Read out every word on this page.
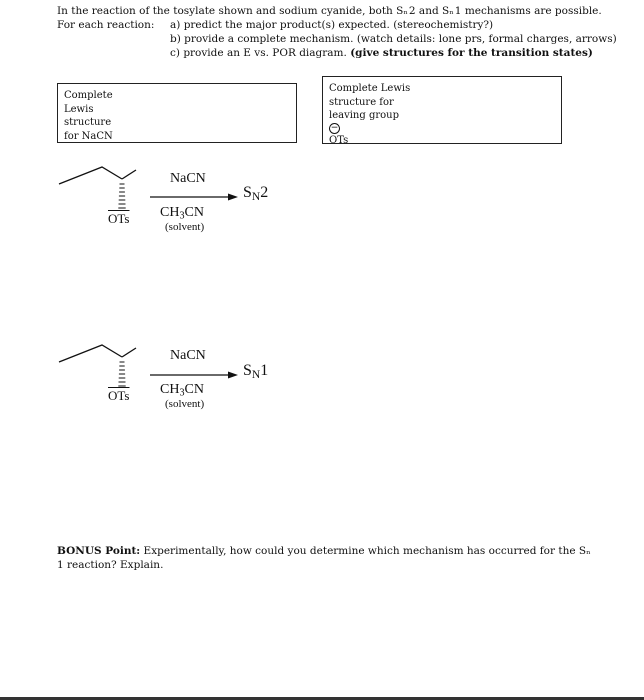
In the reaction of the tosylate shown and sodium cyanide, both Sₙ 2 and Sₙ 1 mechanisms are possible.
For each reaction: a) predict the major product(s) expected. (stereochemistry?)
b) provide a complete mechanism. (watch details: lone prs, formal charges, arrows)
c) provide an E vs. POR diagram. (give structures for the transition states)
Complete
Lewis
structure
for NaCN
Complete Lewis
structure for
leaving group
−
OTs
$\overline{OTs}$
NaCN
$CH_3CN$
(solvent)
$S_N2$
$\overline{OTs}$
NaCN
$CH_3CN$
(solvent)
$S_N1$
BONUS Point: Experimentally, how could you determine which mechanism has occurred for the Sₙ 1 reaction? Explain.
